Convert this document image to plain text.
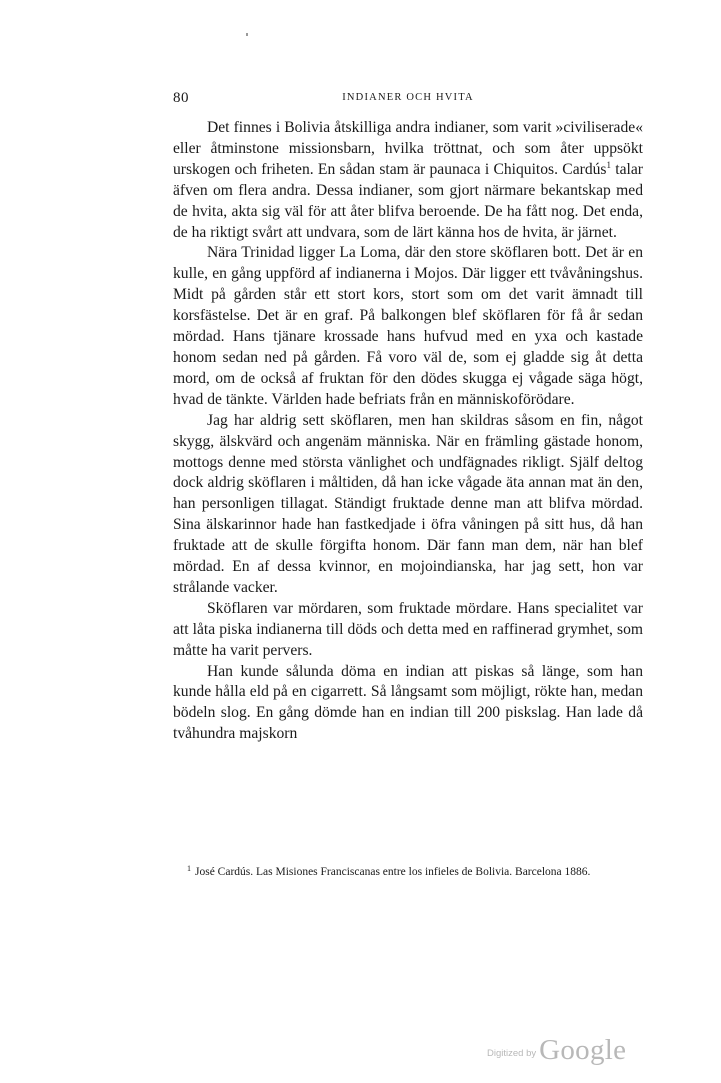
80	INDIANER OCH HVITA

Det finnes i Bolivia åtskilliga andra indianer, som varit »civiliserade« eller åtminstone missionsbarn, hvilka tröttnat, och som åter uppsökt urskogen och friheten. En sådan stam är paunaca i Chiquitos. Cardús$^1$ talar äfven om flera andra. Dessa indianer, som gjort närmare bekantskap med de hvita, akta sig väl för att åter blifva beroende. De ha fått nog. Det enda, de ha riktigt svårt att undvara, som de lärt känna hos de hvita, är järnet.

Nära Trinidad ligger La Loma, där den store sköflaren bott. Det är en kulle, en gång uppförd af indianerna i Mojos. Där ligger ett tvåvåningshus. Midt på gården står ett stort kors, stort som om det varit ämnadt till korsfästelse. Det är en graf. På balkongen blef sköflaren för få år sedan mördad. Hans tjänare krossade hans hufvud med en yxa och kastade honom sedan ned på gården. Få voro väl de, som ej gladde sig åt detta mord, om de också af fruktan för den dödes skugga ej vågade säga högt, hvad de tänkte. Världen hade befriats från en människoförödare.

Jag har aldrig sett sköflaren, men han skildras såsom en fin, något skygg, älskvärd och angenäm människa. När en främling gästade honom, mottogs denne med största vänlighet och undfägnades rikligt. Själf deltog dock aldrig sköflaren i måltiden, då han icke vågade äta annan mat än den, han personligen tillagat. Ständigt fruktade denne man att blifva mördad. Sina älskarinnor hade han fastkedjade i öfra våningen på sitt hus, då han fruktade att de skulle förgifta honom. Där fann man dem, när han blef mördad. En af dessa kvinnor, en mojoindianska, har jag sett, hon var strålande vacker.

Sköflaren var mördaren, som fruktade mördare. Hans specialitet var att låta piska indianerna till döds och detta med en raffinerad grymhet, som måtte ha varit pervers.

Han kunde sålunda döma en indian att piskas så länge, som han kunde hålla eld på en cigarrett. Så långsamt som möjligt, rökte han, medan bödeln slog. En gång dömde han en indian till 200 piskslag. Han lade då tvåhundra majskorn

$^1$ José Cardús. Las Misiones Franciscanas entre los infieles de Bolivia. Barcelona 1886.
Digitized by Google
